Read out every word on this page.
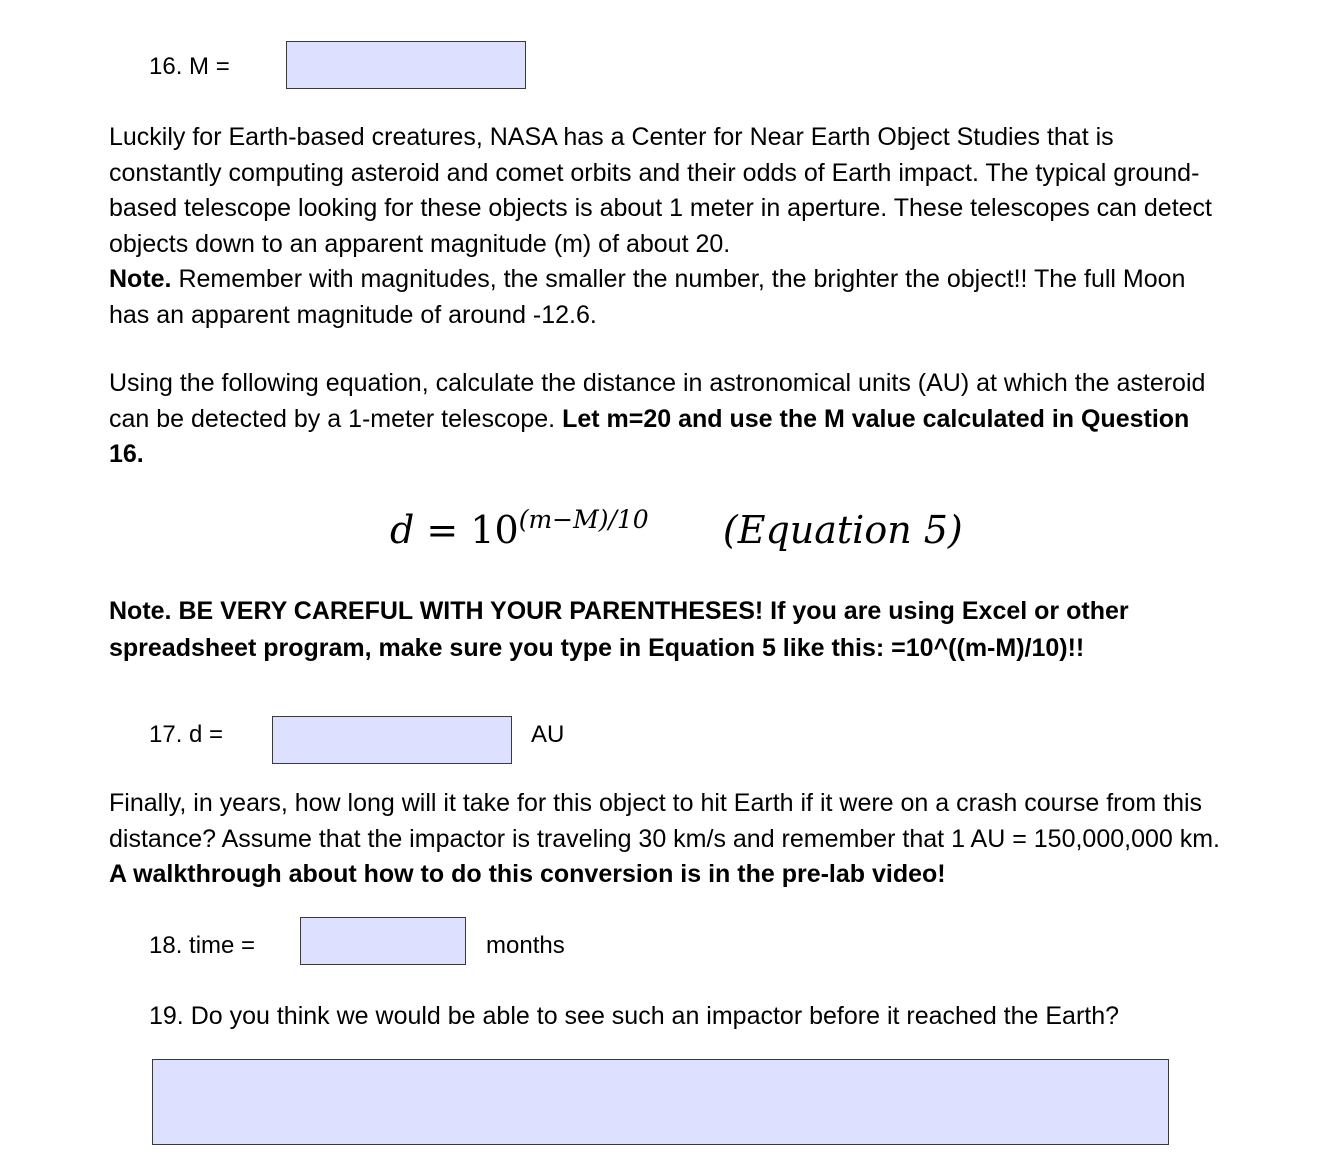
16. M =
Luckily for Earth-based creatures, NASA has a Center for Near Earth Object Studies that is constantly computing asteroid and comet orbits and their odds of Earth impact. The typical ground-based telescope looking for these objects is about 1 meter in aperture. These telescopes can detect objects down to an apparent magnitude (m) of about 20.
Note. Remember with magnitudes, the smaller the number, the brighter the object!! The full Moon has an apparent magnitude of around -12.6.
Using the following equation, calculate the distance in astronomical units (AU) at which the asteroid can be detected by a 1-meter telescope. Let m=20 and use the M value calculated in Question 16.
$d = 10^{(m-M)/10}$ (Equation 5)
Note. BE VERY CAREFUL WITH YOUR PARENTHESES! If you are using Excel or other spreadsheet program, make sure you type in Equation 5 like this: =10^((m-M)/10)!!
17. d =	AU
Finally, in years, how long will it take for this object to hit Earth if it were on a crash course from this distance? Assume that the impactor is traveling 30 km/s and remember that 1 AU = 150,000,000 km. A walkthrough about how to do this conversion is in the pre-lab video!
18. time =	months
19. Do you think we would be able to see such an impactor before it reached the Earth?
